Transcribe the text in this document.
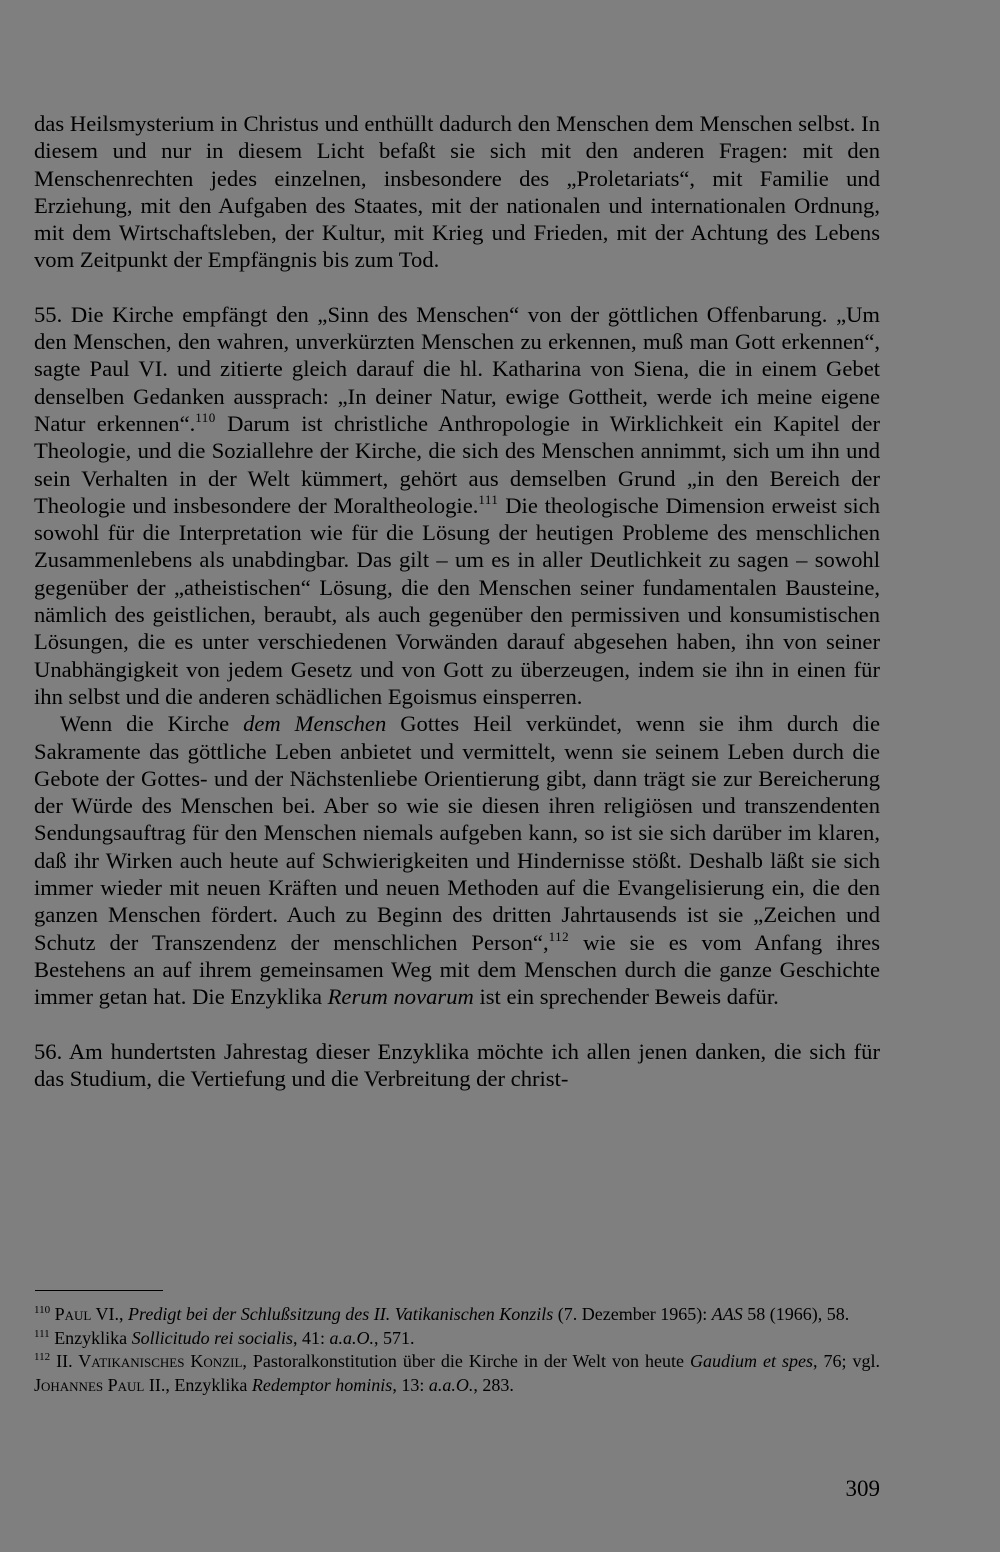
das Heilsmysterium in Christus und enthüllt dadurch den Menschen dem Menschen selbst. In diesem und nur in diesem Licht befaßt sie sich mit den anderen Fragen: mit den Menschenrechten jedes einzelnen, insbesondere des „Proletariats“, mit Familie und Erziehung, mit den Aufgaben des Staates, mit der nationalen und internationalen Ordnung, mit dem Wirtschaftsleben, der Kultur, mit Krieg und Frieden, mit der Achtung des Lebens vom Zeitpunkt der Empfängnis bis zum Tod.

55. Die Kirche empfängt den „Sinn des Menschen“ von der göttlichen Offenbarung. „Um den Menschen, den wahren, unverkürzten Menschen zu erkennen, muß man Gott erkennen“, sagte Paul VI. und zitierte gleich darauf die hl. Katharina von Siena, die in einem Gebet denselben Gedanken aussprach: „In deiner Natur, ewige Gottheit, werde ich meine eigene Natur erkennen“.$^{110}$ Darum ist christliche Anthropologie in Wirklichkeit ein Kapitel der Theologie, und die Soziallehre der Kirche, die sich des Menschen annimmt, sich um ihn und sein Verhalten in der Welt kümmert, gehört aus demselben Grund „in den Bereich der Theologie und insbesondere der Moraltheologie.$^{111}$ Die theologische Dimension erweist sich sowohl für die Interpretation wie für die Lösung der heutigen Probleme des menschlichen Zusammenlebens als unabdingbar. Das gilt – um es in aller Deutlichkeit zu sagen – sowohl gegenüber der „atheistischen“ Lösung, die den Menschen seiner fundamentalen Bausteine, nämlich des geistlichen, beraubt, als auch gegenüber den permissiven und konsumistischen Lösungen, die es unter verschiedenen Vorwänden darauf abgesehen haben, ihn von seiner Unabhängigkeit von jedem Gesetz und von Gott zu überzeugen, indem sie ihn in einen für ihn selbst und die anderen schädlichen Egoismus einsperren.

Wenn die Kirche dem Menschen Gottes Heil verkündet, wenn sie ihm durch die Sakramente das göttliche Leben anbietet und vermittelt, wenn sie seinem Leben durch die Gebote der Gottes- und der Nächstenliebe Orientierung gibt, dann trägt sie zur Bereicherung der Würde des Menschen bei. Aber so wie sie diesen ihren religiösen und transzendenten Sendungsauftrag für den Menschen niemals aufgeben kann, so ist sie sich darüber im klaren, daß ihr Wirken auch heute auf Schwierigkeiten und Hindernisse stößt. Deshalb läßt sie sich immer wieder mit neuen Kräften und neuen Methoden auf die Evangelisierung ein, die den ganzen Menschen fördert. Auch zu Beginn des dritten Jahrtausends ist sie „Zeichen und Schutz der Transzendenz der menschlichen Person“,$^{112}$ wie sie es vom Anfang ihres Bestehens an auf ihrem gemeinsamen Weg mit dem Menschen durch die ganze Geschichte immer getan hat. Die Enzyklika Rerum novarum ist ein sprechender Beweis dafür.

56. Am hundertsten Jahrestag dieser Enzyklika möchte ich allen jenen danken, die sich für das Studium, die Vertiefung und die Verbreitung der christ-

$^{110}$ Paul VI., Predigt bei der Schlußsitzung des II. Vatikanischen Konzils (7. Dezember 1965): AAS 58 (1966), 58.

$^{111}$ Enzyklika Sollicitudo rei socialis, 41: a.a.O., 571.

$^{112}$ II. Vatikanisches Konzil, Pastoralkonstitution über die Kirche in der Welt von heute Gaudium et spes, 76; vgl. Johannes Paul II., Enzyklika Redemptor hominis, 13: a.a.O., 283.

309
